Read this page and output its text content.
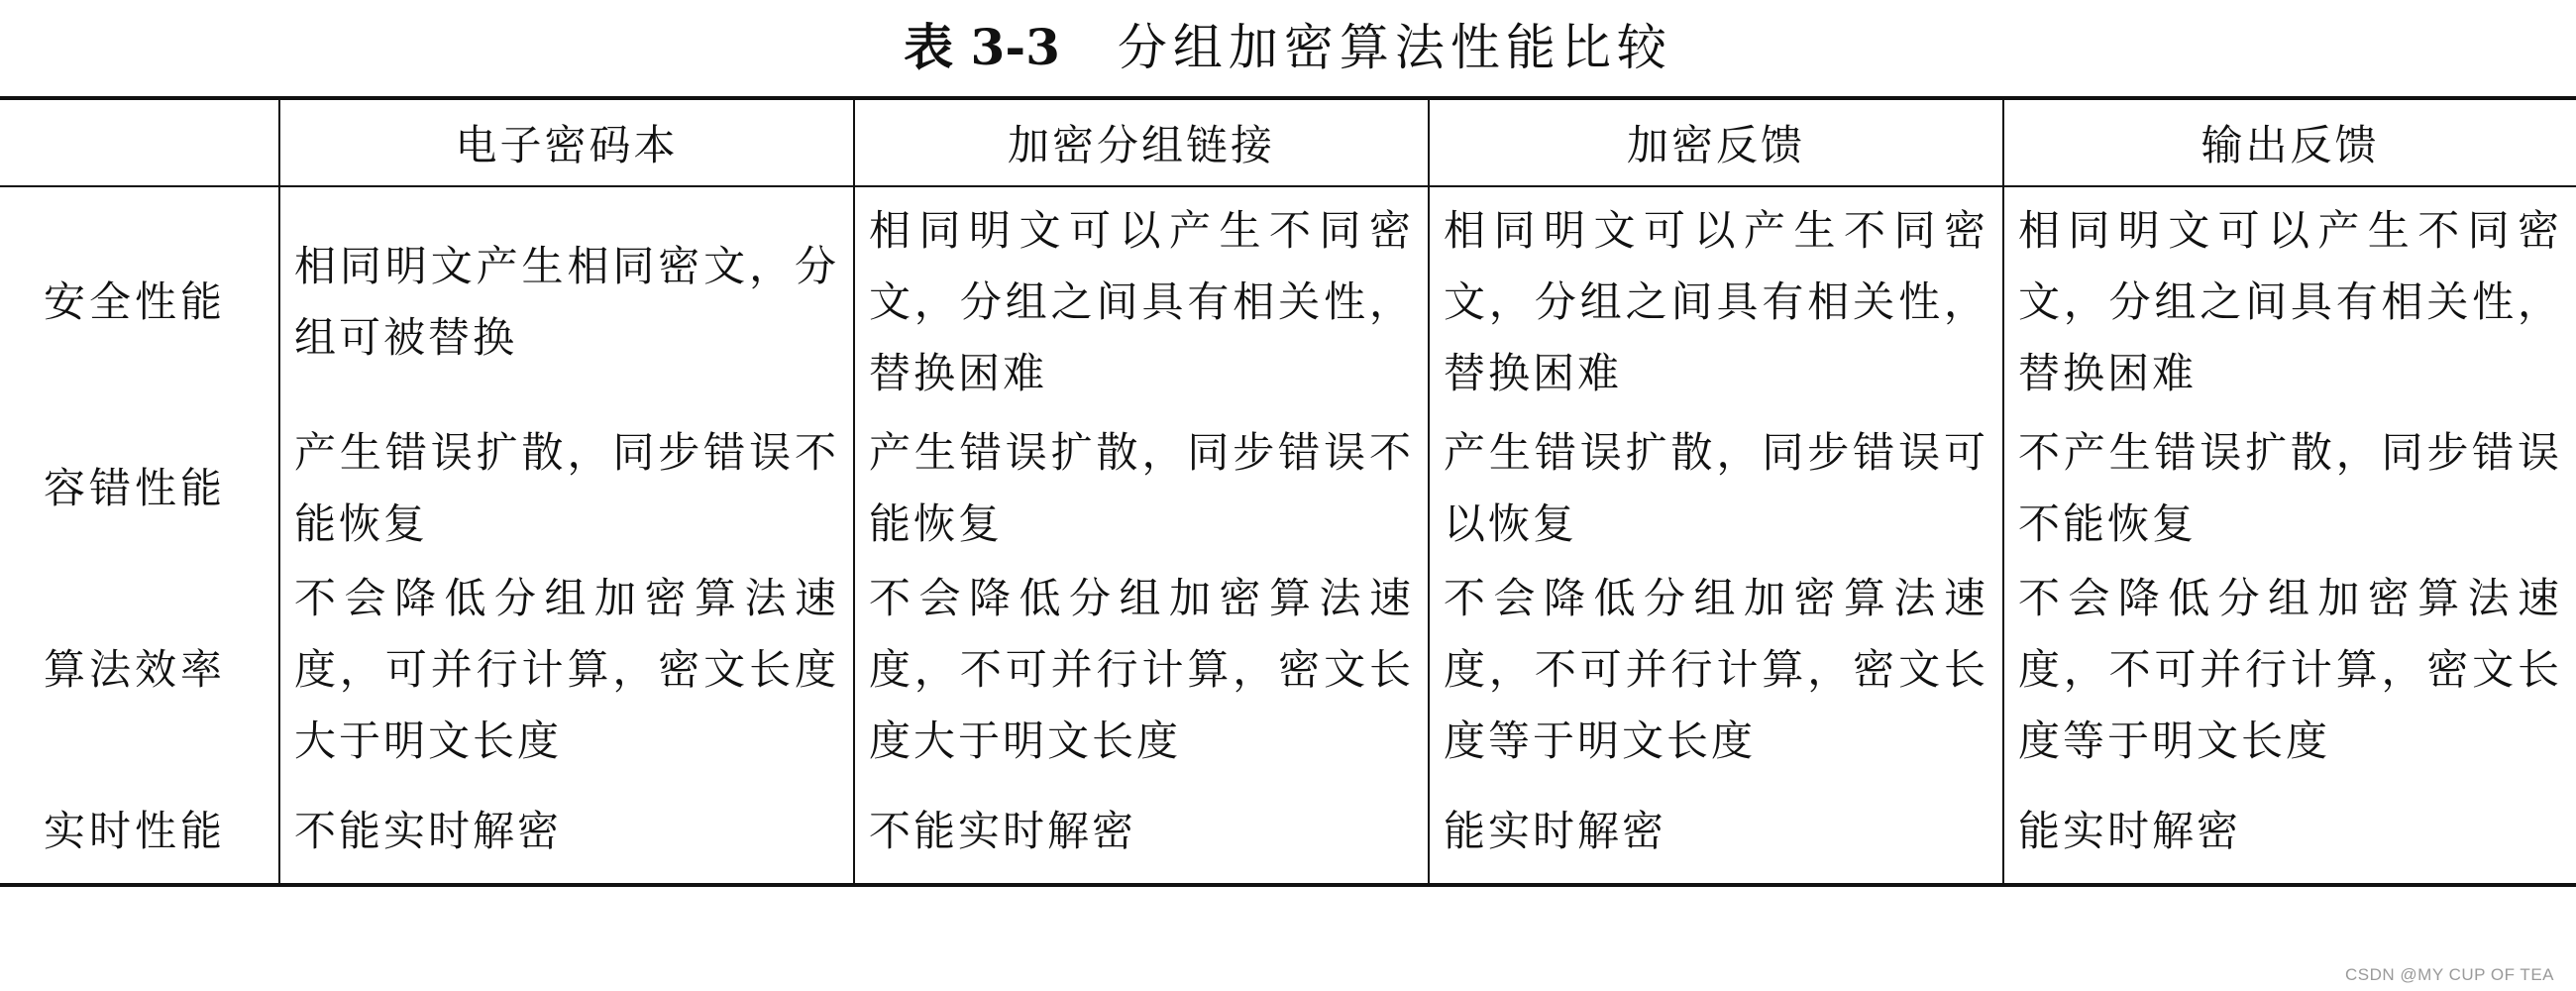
表 3-3 分组加密算法性能比较
	电子密码本	加密分组链接	加密反馈	输出反馈
安全性能	相同明文产生相同密文，分组可被替换	相同明文可以产生不同密文，分组之间具有相关性，替换困难	相同明文可以产生不同密文，分组之间具有相关性，替换困难	相同明文可以产生不同密文，分组之间具有相关性，替换困难
容错性能	产生错误扩散，同步错误不能恢复	产生错误扩散，同步错误不能恢复	产生错误扩散，同步错误可以恢复	不产生错误扩散，同步错误不能恢复
算法效率	不会降低分组加密算法速度，可并行计算，密文长度大于明文长度	不会降低分组加密算法速度，不可并行计算，密文长度大于明文长度	不会降低分组加密算法速度，不可并行计算，密文长度等于明文长度	不会降低分组加密算法速度，不可并行计算，密文长度等于明文长度
实时性能	不能实时解密	不能实时解密	能实时解密	能实时解密
CSDN @MY CUP OF TEA
